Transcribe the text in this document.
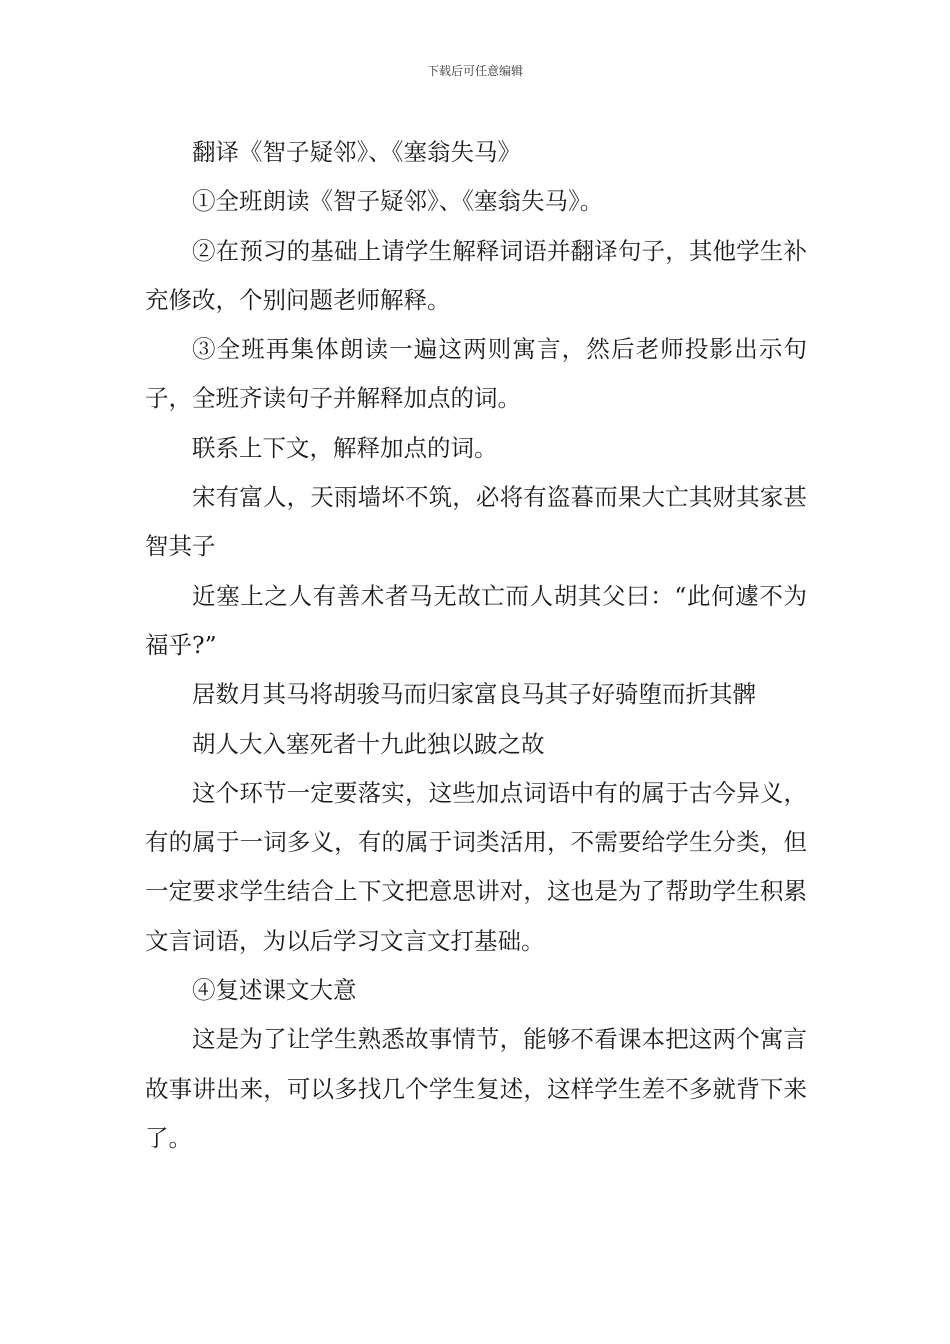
下载后可任意编辑

翻译《智子疑邻》、《塞翁失马》

①全班朗读《智子疑邻》、《塞翁失马》。

②在预习的基础上请学生解释词语并翻译句子，其他学生补充修改，个别问题老师解释。

③全班再集体朗读一遍这两则寓言，然后老师投影出示句子，全班齐读句子并解释加点的词。

联系上下文，解释加点的词。

宋有富人，天雨墙坏不筑，必将有盗暮而果大亡其财其家甚智其子

近塞上之人有善术者马无故亡而人胡其父曰：“此何遽不为福乎?”

居数月其马将胡骏马而归家富良马其子好骑堕而折其髀

胡人大入塞死者十九此独以跛之故

这个环节一定要落实，这些加点词语中有的属于古今异义，有的属于一词多义，有的属于词类活用，不需要给学生分类，但一定要求学生结合上下文把意思讲对，这也是为了帮助学生积累文言词语，为以后学习文言文打基础。

④复述课文大意

这是为了让学生熟悉故事情节，能够不看课本把这两个寓言故事讲出来，可以多找几个学生复述，这样学生差不多就背下来了。
